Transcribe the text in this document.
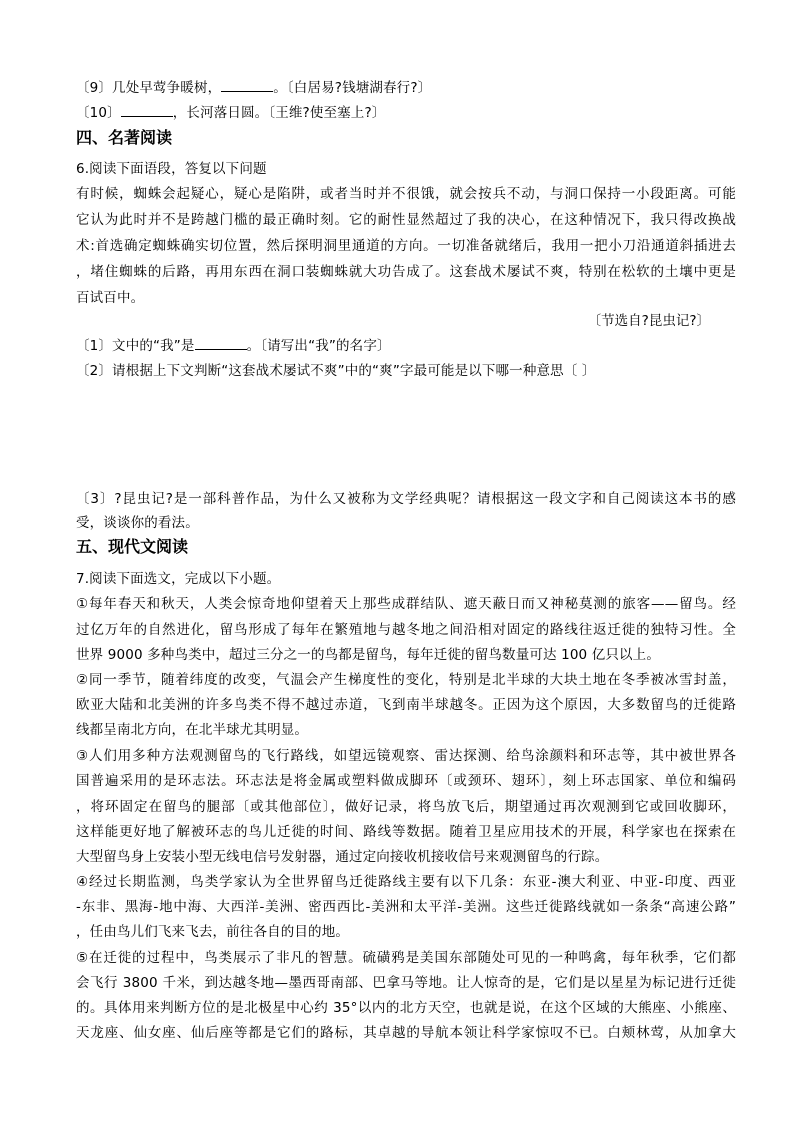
〔9〕几处早莺争暖树，	。〔白居易?钱塘湖春行?〕
〔10〕	，长河落日圆。〔王维?使至塞上?〕
四、名著阅读
6.阅读下面语段，答复以下问题
有时候，蜘蛛会起疑心，疑心是陷阱，或者当时并不很饿，就会按兵不动，与洞口保持一小段距离。可能
它认为此时并不是跨越门槛的最正确时刻。它的耐性显然超过了我的决心，在这种情况下，我只得改换战
术:首选确定蜘蛛确实切位置，然后探明洞里通道的方向。一切准备就绪后，我用一把小刀沿通道斜插进去
，堵住蜘蛛的后路，再用东西在洞口装蜘蛛就大功告成了。这套战术屡试不爽，特别在松软的土壤中更是
百试百中。
〔节选自?昆虫记?〕
〔1〕文中的“我”是	。〔请写出“我”的名字〕
〔2〕请根据上下文判断“这套战术屡试不爽”中的“爽”字最可能是以下哪一种意思〔 〕
〔3〕?昆虫记?是一部科普作品，为什么又被称为文学经典呢？请根据这一段文字和自己阅读这本书的感
受，谈谈你的看法。
五、现代文阅读
7.阅读下面选文，完成以下小题。
①每年春天和秋天，人类会惊奇地仰望着天上那些成群结队、遮天蔽日而又神秘莫测的旅客——留鸟。经
过亿万年的自然进化，留鸟形成了每年在繁殖地与越冬地之间沿相对固定的路线往返迁徙的独特习性。全
世界 9000 多种鸟类中，超过三分之一的鸟都是留鸟，每年迁徙的留鸟数量可达 100 亿只以上。
②同一季节，随着纬度的改变，气温会产生梯度性的变化，特别是北半球的大块土地在冬季被冰雪封盖，
欧亚大陆和北美洲的许多鸟类不得不越过赤道，飞到南半球越冬。正因为这个原因，大多数留鸟的迁徙路
线都呈南北方向，在北半球尤其明显。
③人们用多种方法观测留鸟的飞行路线，如望远镜观察、雷达探测、给鸟涂颜料和环志等，其中被世界各
国普遍采用的是环志法。环志法是将金属或塑料做成脚环〔或颈环、翅环〕，刻上环志国家、单位和编码
，将环固定在留鸟的腿部〔或其他部位〕，做好记录，将鸟放飞后，期望通过再次观测到它或回收脚环，
这样能更好地了解被环志的鸟儿迁徙的时间、路线等数据。随着卫星应用技术的开展，科学家也在探索在
大型留鸟身上安装小型无线电信号发射器，通过定向接收机接收信号来观测留鸟的行踪。
④经过长期监测，鸟类学家认为全世界留鸟迁徙路线主要有以下几条：东亚-澳大利亚、中亚-印度、西亚
-东非、黑海-地中海、大西洋-美洲、密西西比-美洲和太平洋-美洲。这些迁徙路线就如一条条“高速公路”
，任由鸟儿们飞来飞去，前往各自的目的地。
⑤在迁徙的过程中，鸟类展示了非凡的智慧。硫磺鸦是美国东部随处可见的一种鸣禽，每年秋季，它们都
会飞行 3800 千米，到达越冬地—墨西哥南部、巴拿马等地。让人惊奇的是，它们是以星星为标记进行迁徙
的。具体用来判断方位的是北极星中心约 35°以内的北方天空，也就是说，在这个区域的大熊座、小熊座、
天龙座、仙女座、仙后座等都是它们的路标，其卓越的导航本领让科学家惊叹不已。白颊林莺，从加拿大
